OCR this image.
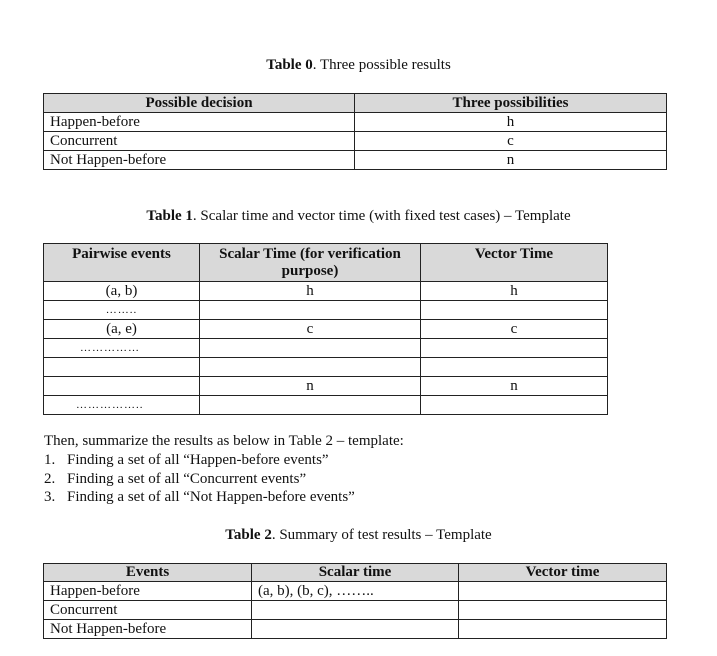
Table 0. Three possible results
Possible decision	Three possibilities
Happen-before	h
Concurrent	c
Not Happen-before	n
Table 1. Scalar time and vector time (with fixed test cases) – Template
Pairwise events	Scalar Time (for verification purpose)	Vector Time
(a, b)	h	h
……..		
(a, e)	c	c
……………		

	n	n
……………..		
Then, summarize the results as below in Table 2 – template:
1. Finding a set of all “Happen-before events”
2. Finding a set of all “Concurrent events”
3. Finding a set of all “Not Happen-before events”
Table 2. Summary of test results – Template
Events	Scalar time	Vector time
Happen-before	(a, b), (b, c), ……..	
Concurrent		
Not Happen-before		
